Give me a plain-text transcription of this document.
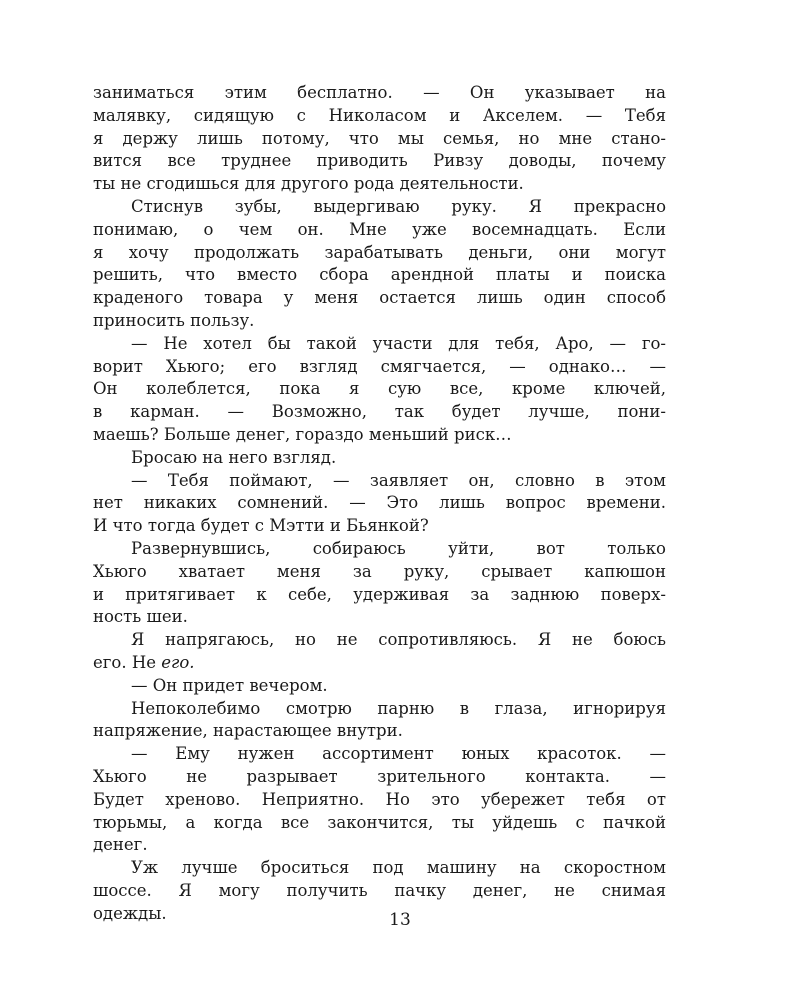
заниматься этим бесплатно. — Он указывает на
малявку, сидящую с Николасом и Акселем. — Тебя
я держу лишь потому, что мы семья, но мне стано-
вится все труднее приводить Ривзу доводы, почему
ты не сгодишься для другого рода деятельности.
Стиснув зубы, выдергиваю руку. Я прекрасно
понимаю, о чем он. Мне уже восемнадцать. Если
я хочу продолжать зарабатывать деньги, они могут
решить, что вместо сбора арендной платы и поиска
краденого товара у меня остается лишь один способ
приносить пользу.
— Не хотел бы такой участи для тебя, Аро, — го-
ворит Хьюго; его взгляд смягчается, — однако… —
Он колеблется, пока я сую все, кроме ключей,
в карман. — Возможно, так будет лучше, пони-
маешь? Больше денег, гораздо меньший риск…
Бросаю на него взгляд.
— Тебя поймают, — заявляет он, словно в этом
нет никаких сомнений. — Это лишь вопрос времени.
И что тогда будет с Мэтти и Бьянкой?
Развернувшись, собираюсь уйти, вот только
Хьюго хватает меня за руку, срывает капюшон
и притягивает к себе, удерживая за заднюю поверх-
ность шеи.
Я напрягаюсь, но не сопротивляюсь. Я не боюсь
его. Не его.
— Он придет вечером.
Непоколебимо смотрю парню в глаза, игнорируя
напряжение, нарастающее внутри.
— Ему нужен ассортимент юных красоток. —
Хьюго не разрывает зрительного контакта. —
Будет хреново. Неприятно. Но это убережет тебя от
тюрьмы, а когда все закончится, ты уйдешь с пачкой
денег.
Уж лучше броситься под машину на скоростном
шоссе. Я могу получить пачку денег, не снимая
одежды.	13
